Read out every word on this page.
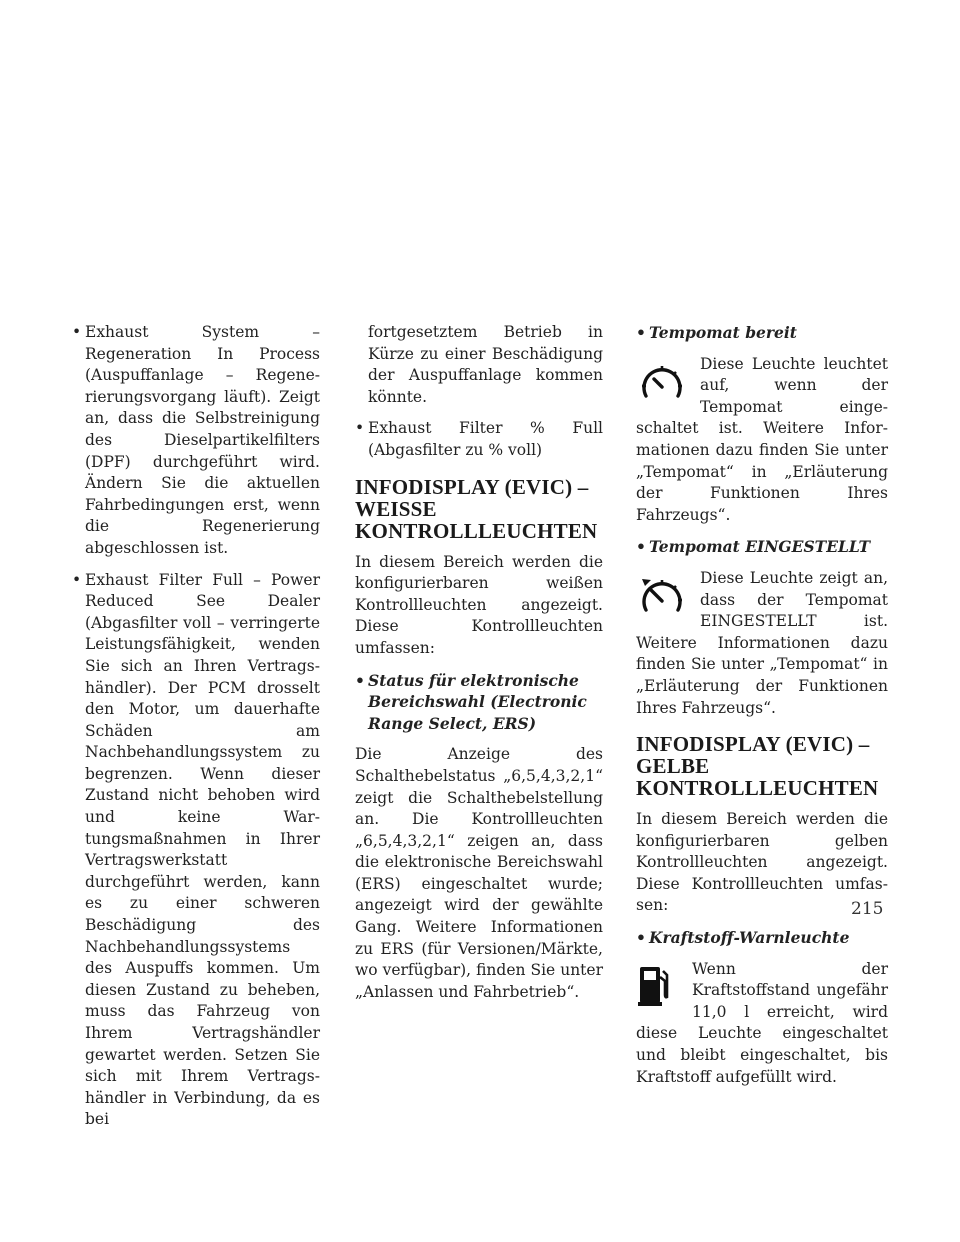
• Exhaust System – Regeneration In Process (Auspuffanlage – Regenerierungsvorgang läuft). Zeigt an, dass die Selbstreinigung des Dieselpartikelfilters (DPF) durchgeführt wird. Ändern Sie die aktuellen Fahrbedingungen erst, wenn die Regenerierung abgeschlossen ist.
• Exhaust Filter Full – Power Reduced See Dealer (Abgasfilter voll – verringerte Leistungsfähigkeit, wenden Sie sich an Ihren Vertragshändler). Der PCM drosselt den Motor, um dauerhafte Schäden am Nachbehandlungssystem zu begrenzen. Wenn dieser Zustand nicht behoben wird und keine Wartungsmaßnahmen in Ihrer Vertragswerkstatt durchgeführt werden, kann es zu einer schweren Beschädigung des Nachbehandlungssystems des Auspuffs kommen. Um diesen Zustand zu beheben, muss das Fahrzeug von Ihrem Vertragshändler gewartet werden. Setzen Sie sich mit Ihrem Vertragshändler in Verbindung, da es bei
fortgesetztem Betrieb in Kürze zu einer Beschädigung der Auspuffanlage kommen könnte.
• Exhaust Filter % Full (Abgasfilter zu % voll)
INFODISPLAY (EVIC) – WEISSE KONTROLLLEUCHTEN

In diesem Bereich werden die konfigurierbaren weißen Kontrollleuchten angezeigt. Diese Kontrollleuchten umfassen:

• Status für elektronische Bereichswahl (Electronic Range Select, ERS)

Die Anzeige des Schalthebelstatus „6,5,4,3,2,1“ zeigt die Schalthebelstellung an. Die Kontrollleuchten „6,5,4,3,2,1“ zeigen an, dass die elektronische Bereichswahl (ERS) eingeschaltet wurde; angezeigt wird der gewählte Gang. Weitere Informationen zu ERS (für Versionen/Märkte, wo verfügbar), finden Sie unter „Anlassen und Fahrbetrieb“.

• Tempomat bereit
Diese Leuchte leuchtet auf, wenn der Tempomat eingeschaltet ist. Weitere Informationen dazu finden Sie unter „Tempomat“ in „Erläuterung der Funktionen Ihres Fahrzeugs“.
• Tempomat EINGESTELLT
Diese Leuchte zeigt an, dass der Tempomat EINGESTELLT ist. Weitere Informationen dazu finden Sie unter „Tempomat“ in „Erläuterung der Funktionen Ihres Fahrzeugs“.
INFODISPLAY (EVIC) – GELBE KONTROLLLEUCHTEN

In diesem Bereich werden die konfigurierbaren gelben Kontrollleuchten angezeigt. Diese Kontrollleuchten umfassen:

• Kraftstoff-Warnleuchte
Wenn der Kraftstoffstand ungefähr 11,0 l erreicht, wird diese Leuchte eingeschaltet und bleibt eingeschaltet, bis Kraftstoff aufgefüllt wird.
215
